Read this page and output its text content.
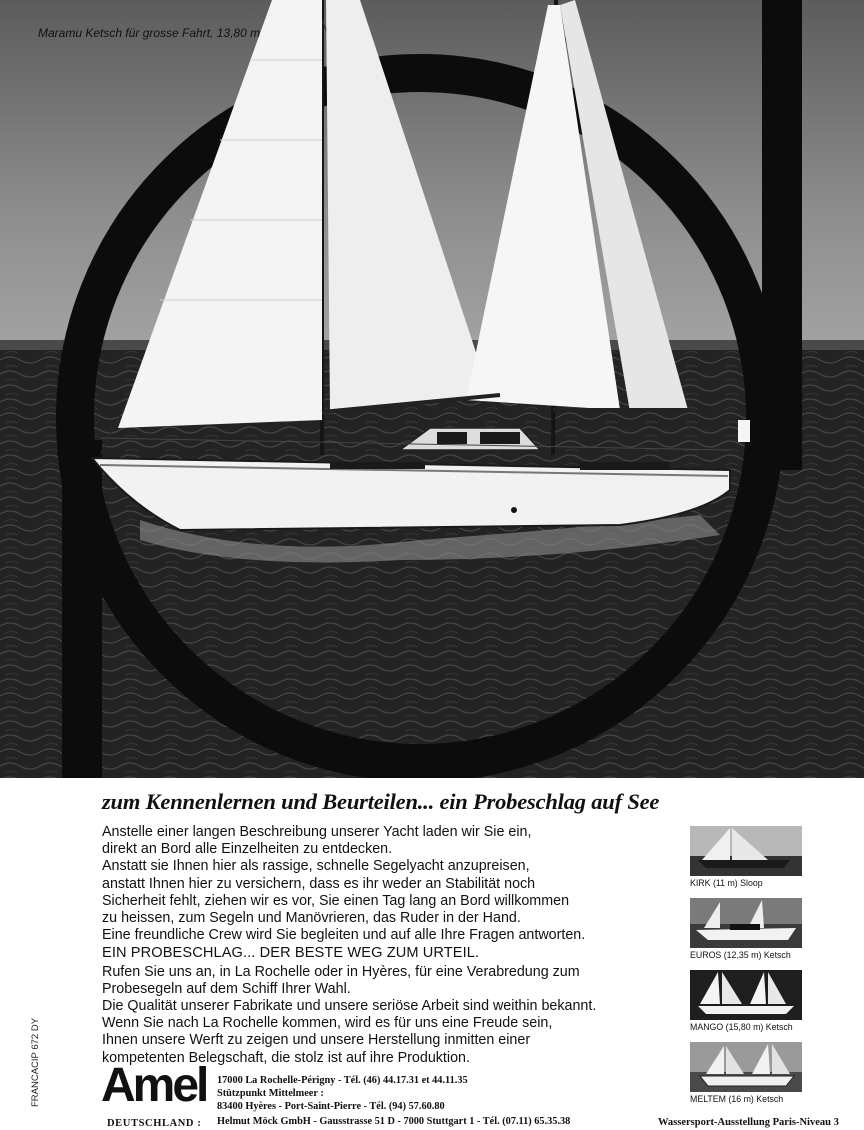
Maramu Ketsch für grosse Fahrt, 13,80 m
zum Kennenlernen und Beurteilen... ein Probeschlag auf See
Anstelle einer langen Beschreibung unserer Yacht laden wir Sie ein,
direkt an Bord alle Einzelheiten zu entdecken.
Anstatt sie Ihnen hier als rassige, schnelle Segelyacht anzupreisen,
anstatt Ihnen hier zu versichern, dass es ihr weder an Stabilität noch
Sicherheit fehlt, ziehen wir es vor, Sie einen Tag lang an Bord willkommen
zu heissen, zum Segeln und Manövrieren, das Ruder in der Hand.
Eine freundliche Crew wird Sie begleiten und auf alle Ihre Fragen antworten.
EIN PROBESCHLAG... DER BESTE WEG ZUM URTEIL.
Rufen Sie uns an, in La Rochelle oder in Hyères, für eine Verabredung zum
Probesegeln auf dem Schiff Ihrer Wahl.
Die Qualität unserer Fabrikate und unsere seriöse Arbeit sind weithin bekannt.
Wenn Sie nach La Rochelle kommen, wird es für uns eine Freude sein,
Ihnen unsere Werft zu zeigen und unsere Herstellung inmitten einer
kompetenten Belegschaft, die stolz ist auf ihre Produktion.
KIRK (11 m) Sloop
EUROS (12,35 m) Ketsch
MANGO (15,80 m) Ketsch
MELTEM (16 m) Ketsch
Amel 17000 La Rochelle-Périgny - Tél. (46) 44.17.31 et 44.11.35
Stützpunkt Mittelmeer :
83400 Hyères - Port-Saint-Pierre - Tél. (94) 57.60.80
DEUTSCHLAND : Helmut Möck GmbH - Gausstrasse 51 D - 7000 Stuttgart 1 - Tél. (07.11) 65.35.38	Wassersport-Ausstellung Paris-Niveau 3
FRANCACIP 672 DY
